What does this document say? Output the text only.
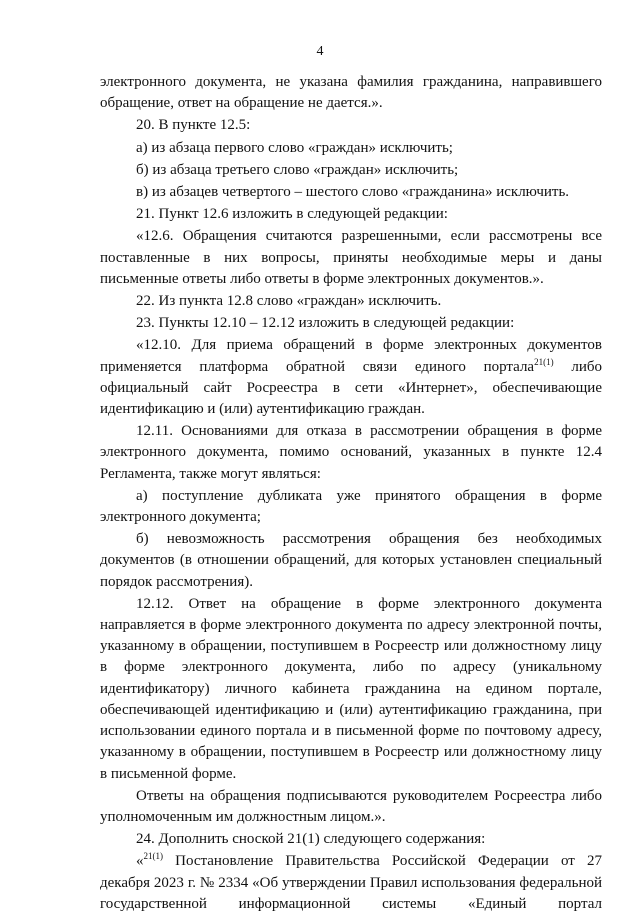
4

электронного документа, не указана фамилия гражданина, направившего обращение, ответ на обращение не дается.».

20. В пункте 12.5:

а) из абзаца первого слово «граждан» исключить;

б) из абзаца третьего слово «граждан» исключить;

в) из абзацев четвертого – шестого слово «гражданина» исключить.

21. Пункт 12.6 изложить в следующей редакции:

«12.6. Обращения считаются разрешенными, если рассмотрены все поставленные в них вопросы, приняты необходимые меры и даны письменные ответы либо ответы в форме электронных документов.».

22. Из пункта 12.8 слово «граждан» исключить.

23. Пункты 12.10 – 12.12 изложить в следующей редакции:

«12.10. Для приема обращений в форме электронных документов применяется платформа обратной связи единого портала$^{21(1)}$ либо официальный сайт Росреестра в сети «Интернет», обеспечивающие идентификацию и (или) аутентификацию граждан.

12.11. Основаниями для отказа в рассмотрении обращения в форме электронного документа, помимо оснований, указанных в пункте 12.4 Регламента, также могут являться:

а) поступление дубликата уже принятого обращения в форме электронного документа;

б) невозможность рассмотрения обращения без необходимых документов (в отношении обращений, для которых установлен специальный порядок рассмотрения).

12.12. Ответ на обращение в форме электронного документа направляется в форме электронного документа по адресу электронной почты, указанному в обращении, поступившем в Росреестр или должностному лицу в форме электронного документа, либо по адресу (уникальному идентификатору) личного кабинета гражданина на едином портале, обеспечивающей идентификацию и (или) аутентификацию гражданина, при использовании единого портала и в письменной форме по почтовому адресу, указанному в обращении, поступившем в Росреестр или должностному лицу в письменной форме.

Ответы на обращения подписываются руководителем Росреестра либо уполномоченным им должностным лицом.».

24. Дополнить сноской 21(1) следующего содержания:

«$^{21(1)}$ Постановление Правительства Российской Федерации от 27 декабря 2023 г. № 2334 «Об утверждении Правил использования федеральной государственной информационной системы «Единый портал
